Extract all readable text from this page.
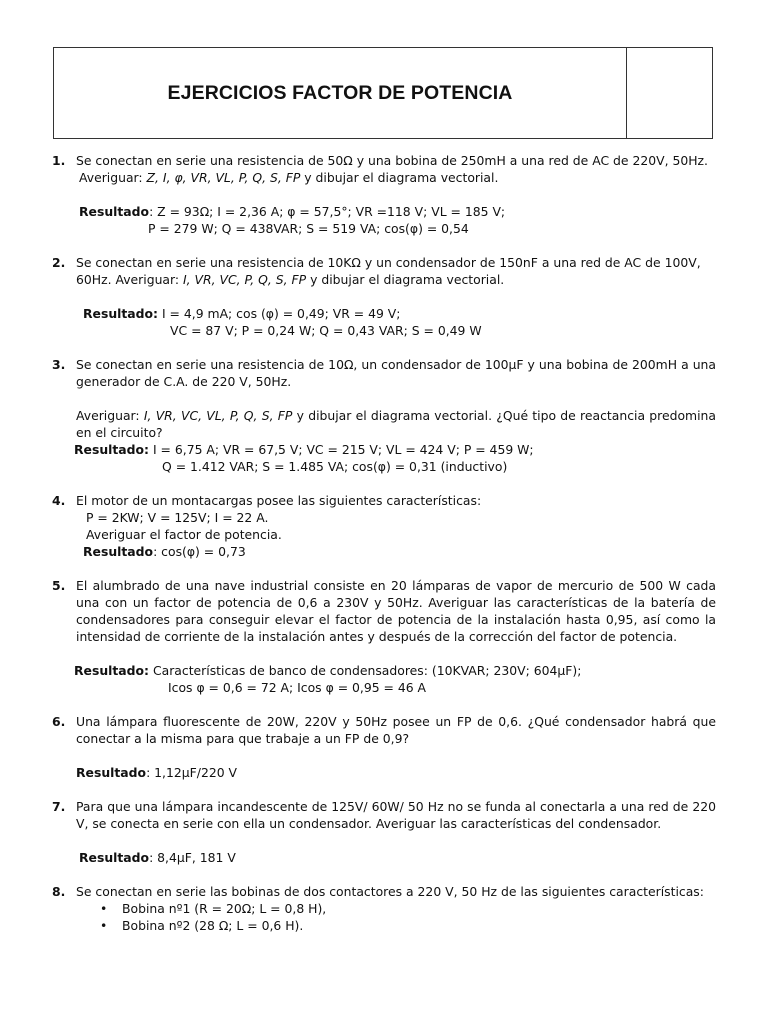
EJERCICIOS FACTOR DE POTENCIA
1. Se conectan en serie una resistencia de 50Ω y una bobina de 250mH a una red de AC de 220V, 50Hz.
Averiguar: Z, I, φ, VR, VL, P, Q, S, FP y dibujar el diagrama vectorial.
Resultado: Z = 93Ω; I = 2,36 A; φ = 57,5°; VR =118 V; VL = 185 V;
P = 279 W; Q = 438VAR; S = 519 VA; cos(φ) = 0,54
2. Se conectan en serie una resistencia de 10KΩ y un condensador de 150nF a una red de AC de 100V,
60Hz. Averiguar: I, VR, VC, P, Q, S, FP y dibujar el diagrama vectorial.
Resultado: I = 4,9 mA; cos (φ) = 0,49; VR = 49 V;
VC = 87 V; P = 0,24 W; Q = 0,43 VAR; S = 0,49 W
3. Se conectan en serie una resistencia de 10Ω, un condensador de 100μF y una bobina de 200mH a una generador de C.A. de 220 V, 50Hz.
Averiguar: I, VR, VC, VL, P, Q, S, FP y dibujar el diagrama vectorial. ¿Qué tipo de reactancia predomina en el circuito?
Resultado: I = 6,75 A; VR = 67,5 V; VC = 215 V; VL = 424 V; P = 459 W;
Q = 1.412 VAR; S = 1.485 VA; cos(φ) = 0,31 (inductivo)
4. El motor de un montacargas posee las siguientes características:
P = 2KW; V = 125V; I = 22 A.
Averiguar el factor de potencia.
Resultado: cos(φ) = 0,73
5. El alumbrado de una nave industrial consiste en 20 lámparas de vapor de mercurio de 500 W cada una con un factor de potencia de 0,6 a 230V y 50Hz. Averiguar las características de la batería de condensadores para conseguir elevar el factor de potencia de la instalación hasta 0,95, así como la intensidad de corriente de la instalación antes y después de la corrección del factor de potencia.
Resultado: Características de banco de condensadores: (10KVAR; 230V; 604μF);
Icos φ = 0,6 = 72 A; Icos φ = 0,95 = 46 A
6. Una lámpara fluorescente de 20W, 220V y 50Hz posee un FP de 0,6. ¿Qué condensador habrá que conectar a la misma para que trabaje a un FP de 0,9?
Resultado: 1,12μF/220 V
7. Para que una lámpara incandescente de 125V/ 60W/ 50 Hz no se funda al conectarla a una red de 220 V, se conecta en serie con ella un condensador. Averiguar las características del condensador.
Resultado: 8,4μF, 181 V
8. Se conectan en serie las bobinas de dos contactores a 220 V, 50 Hz de las siguientes características:
• Bobina nº1 (R = 20Ω; L = 0,8 H),
• Bobina nº2 (28 Ω; L = 0,6 H).
